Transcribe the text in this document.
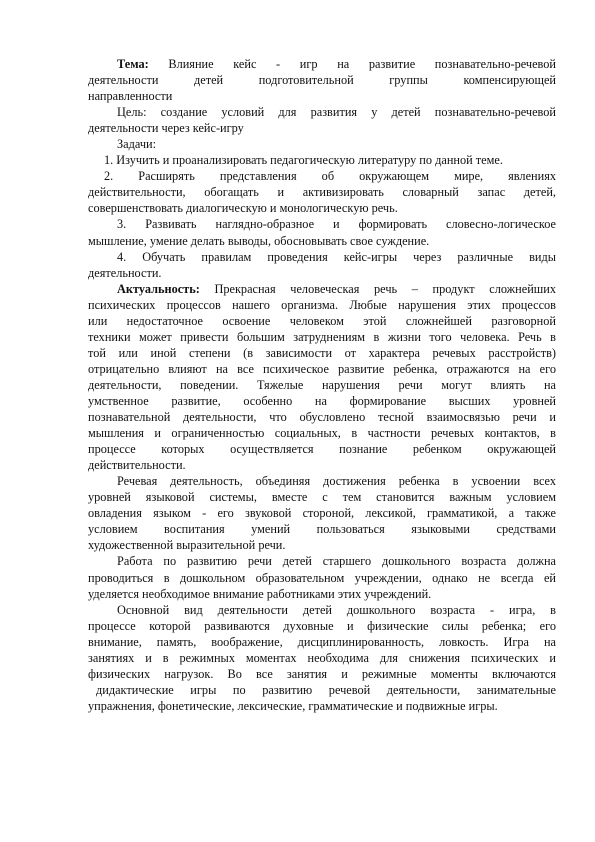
Тема: Влияние кейс - игр на развитие познавательно-речевой
деятельности детей подготовительной группы компенсирующей
направленности
Цель: создание условий для развития у детей познавательно-речевой
деятельности через кейс-игру
Задачи:
1. Изучить и проанализировать педагогическую литературу по данной теме.
2. Расширять представления об окружающем мире, явлениях
действительности, обогащать и активизировать словарный запас детей,
совершенствовать диалогическую и монологическую речь.
3. Развивать наглядно-образное и формировать словесно-логическое
мышление, умение делать выводы, обосновывать свое суждение.
4. Обучать правилам проведения кейс-игры через различные виды
деятельности.
Актуальность: Прекрасная человеческая речь – продукт сложнейших
психических процессов нашего организма. Любые нарушения этих процессов
или недостаточное освоение человеком этой сложнейшей разговорной
техники может привести большим затруднениям в жизни того человека. Речь в
той или иной степени (в зависимости от характера речевых расстройств)
отрицательно влияют на все психическое развитие ребенка, отражаются на его
деятельности, поведении. Тяжелые нарушения речи могут влиять на
умственное развитие, особенно на формирование высших уровней
познавательной деятельности, что обусловлено тесной взаимосвязью речи и
мышления и ограниченностью социальных, в частности речевых контактов, в
процессе которых осуществляется познание ребенком окружающей
действительности.
Речевая деятельность, объединяя достижения ребенка в усвоении всех
уровней языковой системы, вместе с тем становится важным условием
овладения языком - его звуковой стороной, лексикой, грамматикой, а также
условием воспитания умений пользоваться языковыми средствами
художественной выразительной речи.
Работа по развитию речи детей старшего дошкольного возраста должна
проводиться в дошкольном образовательном учреждении, однако не всегда ей
уделяется необходимое внимание работниками этих учреждений.
Основной вид деятельности детей дошкольного возраста - игра, в
процессе которой развиваются духовные и физические силы ребенка; его
внимание, память, воображение, дисциплинированность, ловкость. Игра на
занятиях и в режимных моментах необходима для снижения психических и
физических нагрузок. Во все занятия и режимные моменты включаются
дидактические игры по развитию речевой деятельности, занимательные
упражнения, фонетические, лексические, грамматические и подвижные игры.
